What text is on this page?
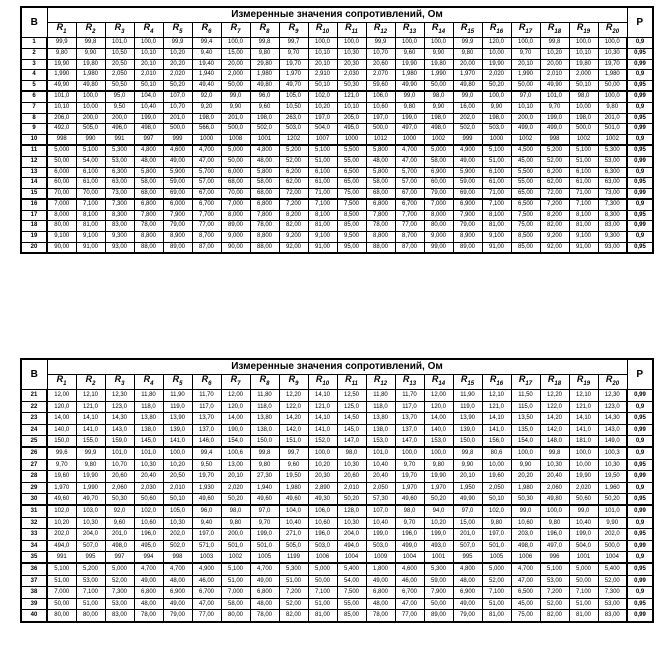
B	Измеренные значения сопротивлений, Ом																				P
	$R_1$	$R_2$	$R_3$	$R_4$	$R_5$	$R_6$	$R_7$	$R_8$	$R_9$	$R_{10}$	$R_{11}$	$R_{12}$	$R_{13}$	$R_{14}$	$R_{15}$	$R_{16}$	$R_{17}$	$R_{18}$	$R_{19}$	$R_{20}$
1	99,9	99,8	101,0	100,0	99,9	99,4	100,0	99,8	99,7	100,0	100,0	99,9	100,0	100,0	99,9	120,0	100,0	99,8	100,0	100,0	0,9
2	9,80	9,90	10,50	10,10	10,20	9,40	15,00	9,80	9,70	10,10	10,30	10,70	9,60	9,90	9,80	10,00	9,70	10,20	10,10	10,30	0,95
3	19,90	19,80	20,50	20,10	20,20	19,40	20,00	29,80	19,70	20,10	20,30	20,60	19,90	19,80	20,00	19,90	20,10	20,00	19,80	19,70	0,99
4	1,990	1,980	2,050	2,010	2,020	1,940	2,000	1,980	1,970	2,910	2,030	2,070	1,980	1,990	1,970	2,020	1,990	2,010	2,000	1,980	0,9
5	49,90	49,80	50,50	50,10	50,20	49,40	50,00	49,80	49,70	50,10	50,30	59,60	49,90	50,00	49,80	50,20	50,00	49,90	50,10	50,00	0,95
6	101,0	100,0	95,0	104,0	107,0	92,0	99,0	96,0	105,0	102,0	121,0	106,0	99,0	98,0	99,0	100,0	97,0	101,0	98,0	100,0	0,99
7	10,10	10,00	9,50	10,40	10,70	9,20	9,90	9,60	10,50	10,20	10,10	10,60	9,80	9,90	16,00	9,90	10,10	9,70	10,00	9,80	0,9
8	206,0	200,0	200,0	199,0	201,0	198,0	201,0	198,0	263,0	197,0	205,0	197,0	199,0	198,0	202,0	198,0	200,0	199,0	198,0	201,0	0,95
9	492,0	505,0	496,0	498,0	500,0	566,0	500,0	502,0	503,0	504,0	495,0	500,0	497,0	498,0	502,0	503,0	499,0	499,0	500,0	501,0	0,99
10	998	990	991	997	999	1000	1008	1001	1202	1007	1000	1012	1000	1002	999	1000	1002	998	1002	1002	0,9
11	5,000	5,100	5,300	4,800	4,600	4,700	5,000	4,800	5,200	5,100	5,500	5,800	4,700	5,000	4,900	5,100	4,500	5,200	5,100	5,300	0,95
12	50,00	54,00	53,00	48,00	49,00	47,00	50,00	48,00	52,00	51,00	55,00	48,00	47,00	58,00	49,00	51,00	45,00	52,00	51,00	53,00	0,99
13	6,000	6,100	6,300	5,800	5,900	5,700	6,000	5,800	6,200	6,100	6,500	5,800	5,700	6,900	5,900	6,100	5,500	6,200	6,100	6,300	0,9
14	60,00	61,00	63,00	58,00	59,00	57,00	68,00	58,00	62,00	61,00	65,00	58,00	57,00	60,00	59,00	61,00	55,00	62,00	61,00	63,00	0,95
15	70,00	70,00	73,00	68,00	69,00	67,00	70,00	68,00	72,00	71,00	75,00	68,00	67,00	79,00	69,00	71,00	65,00	72,00	71,00	73,00	0,99
16	7,000	7,100	7,300	6,800	6,000	6,700	7,000	6,800	7,200	7,100	7,500	6,800	6,700	7,000	6,900	7,100	6,500	7,200	7,100	7,300	0,9
17	8,000	8,100	8,300	7,800	7,900	7,700	8,000	7,800	8,200	8,100	8,500	7,800	7,700	8,000	7,900	8,100	7,500	8,200	8,100	8,300	0,95
18	80,00	81,00	83,00	78,00	79,00	77,00	89,00	78,00	82,00	81,00	85,00	78,00	77,00	80,00	79,00	81,00	75,00	82,00	81,00	83,00	0,99
19	9,100	9,100	9,300	8,800	8,900	8,700	9,000	8,800	9,200	9,100	9,500	8,800	8,700	9,000	8,900	9,100	8,500	9,200	9,100	9,300	0,9
20	90,00	91,00	93,00	88,00	89,00	87,00	90,00	88,00	92,00	91,00	95,00	88,00	87,00	99,00	89,00	91,00	85,00	92,00	91,00	93,00	0,95
B	Измеренные значения сопротивлений, Ом																				P
	$R_1$	$R_2$	$R_3$	$R_4$	$R_5$	$R_6$	$R_7$	$R_8$	$R_9$	$R_{10}$	$R_{11}$	$R_{12}$	$R_{13}$	$R_{14}$	$R_{15}$	$R_{16}$	$R_{17}$	$R_{18}$	$R_{19}$	$R_{20}$
21	12,00	12,10	12,30	11,80	11,90	11,70	12,00	11,80	12,20	14,10	12,50	11,80	11,70	12,00	11,90	12,10	11,50	12,20	12,10	12,30	0,99
22	120,0	121,0	123,0	118,0	119,0	117,0	120,0	118,0	122,0	121,0	125,0	118,0	117,0	120,0	119,0	121,0	115,0	122,0	121,0	123,0	0,9
23	14,00	14,10	14,30	13,80	13,90	13,70	14,00	13,80	14,20	14,10	14,50	13,80	13,70	14,00	13,90	14,10	13,50	14,20	14,10	14,30	0,95
24	140,0	141,0	143,0	138,0	139,0	137,0	190,0	138,0	142,0	141,0	145,0	138,0	137,0	140,0	139,0	141,0	135,0	142,0	141,0	143,0	0,99
25	150,0	155,0	159,0	145,0	141,0	146,0	154,0	150,0	151,0	152,0	147,0	153,0	147,0	153,0	150,0	156,0	154,0	148,0	181,0	149,0	0,9
26	99,6	99,9	101,0	101,0	100,0	99,4	100,6	99,8	99,7	100,0	98,0	101,0	100,0	100,0	99,8	80,6	100,0	99,8	100,0	100,3	0,9
27	9,70	9,80	10,70	10,30	10,20	9,50	13,00	9,80	9,60	10,20	10,30	10,40	9,70	9,80	9,90	10,00	9,90	10,30	10,00	10,30	0,95
28	19,60	19,90	20,60	20,40	20,50	19,70	20,10	27,30	19,50	20,30	20,60	20,40	19,70	19,90	20,10	19,60	20,20	20,40	19,90	19,50	0,99
29	1,970	1,990	2,060	2,030	2,010	1,930	2,020	1,940	1,980	2,890	2,010	2,050	1,970	1,970	1,950	2,050	1,980	2,060	2,020	1,960	0,9
30	49,60	49,70	50,30	50,60	50,10	49,60	50,20	49,60	49,60	49,30	50,20	57,30	49,60	50,20	49,90	50,10	50,30	49,80	50,60	50,20	0,95
31	102,0	103,0	92,0	102,0	105,0	96,0	98,0	97,0	104,0	106,0	128,0	107,0	98,0	94,0	97,0	102,0	99,0	100,0	99,0	101,0	0,99
32	10,20	10,30	9,60	10,60	10,30	9,40	9,80	9,70	10,40	10,60	10,30	10,40	9,70	10,20	15,00	9,80	10,60	9,80	10,40	9,90	0,9
33	202,0	204,0	201,0	196,0	202,0	197,0	200,0	199,0	271,0	196,0	204,0	199,0	196,0	199,0	201,0	197,0	203,0	196,0	199,0	202,0	0,95
34	494,0	507,0	498,0	495,0	502,0	571,0	501,0	501,0	505,0	503,0	494,0	503,0	499,0	493,0	507,0	501,0	498,0	497,0	504,0	500,0	0,99
35	991	995	997	994	998	1003	1002	1005	1199	1006	1004	1009	1004	1001	995	1005	1006	996	1001	1004	0,9
36	5,100	5,200	5,000	4,700	4,700	4,900	5,100	4,700	5,300	5,000	5,400	1,800	4,600	5,300	4,800	5,000	4,700	5,100	5,000	5,400	0,95
37	51,00	53,00	52,00	49,00	48,00	46,00	51,00	49,00	51,00	50,00	54,00	49,00	46,00	59,00	48,00	52,00	47,00	53,00	50,00	52,00	0,99
38	7,000	7,100	7,300	6,800	6,900	6,700	7,000	6,800	7,200	7,100	7,500	6,800	6,700	7,900	6,900	7,100	6,500	7,200	7,100	7,300	0,9
39	50,00	51,00	53,00	48,00	49,00	47,00	58,00	48,00	52,00	51,00	55,00	48,00	47,00	50,00	49,00	51,00	45,00	52,00	51,00	53,00	0,95
40	80,00	80,00	83,00	78,00	79,00	77,00	80,00	78,00	82,00	81,00	85,00	78,00	77,00	89,00	79,00	81,00	75,00	82,00	81,00	83,00	0,99
